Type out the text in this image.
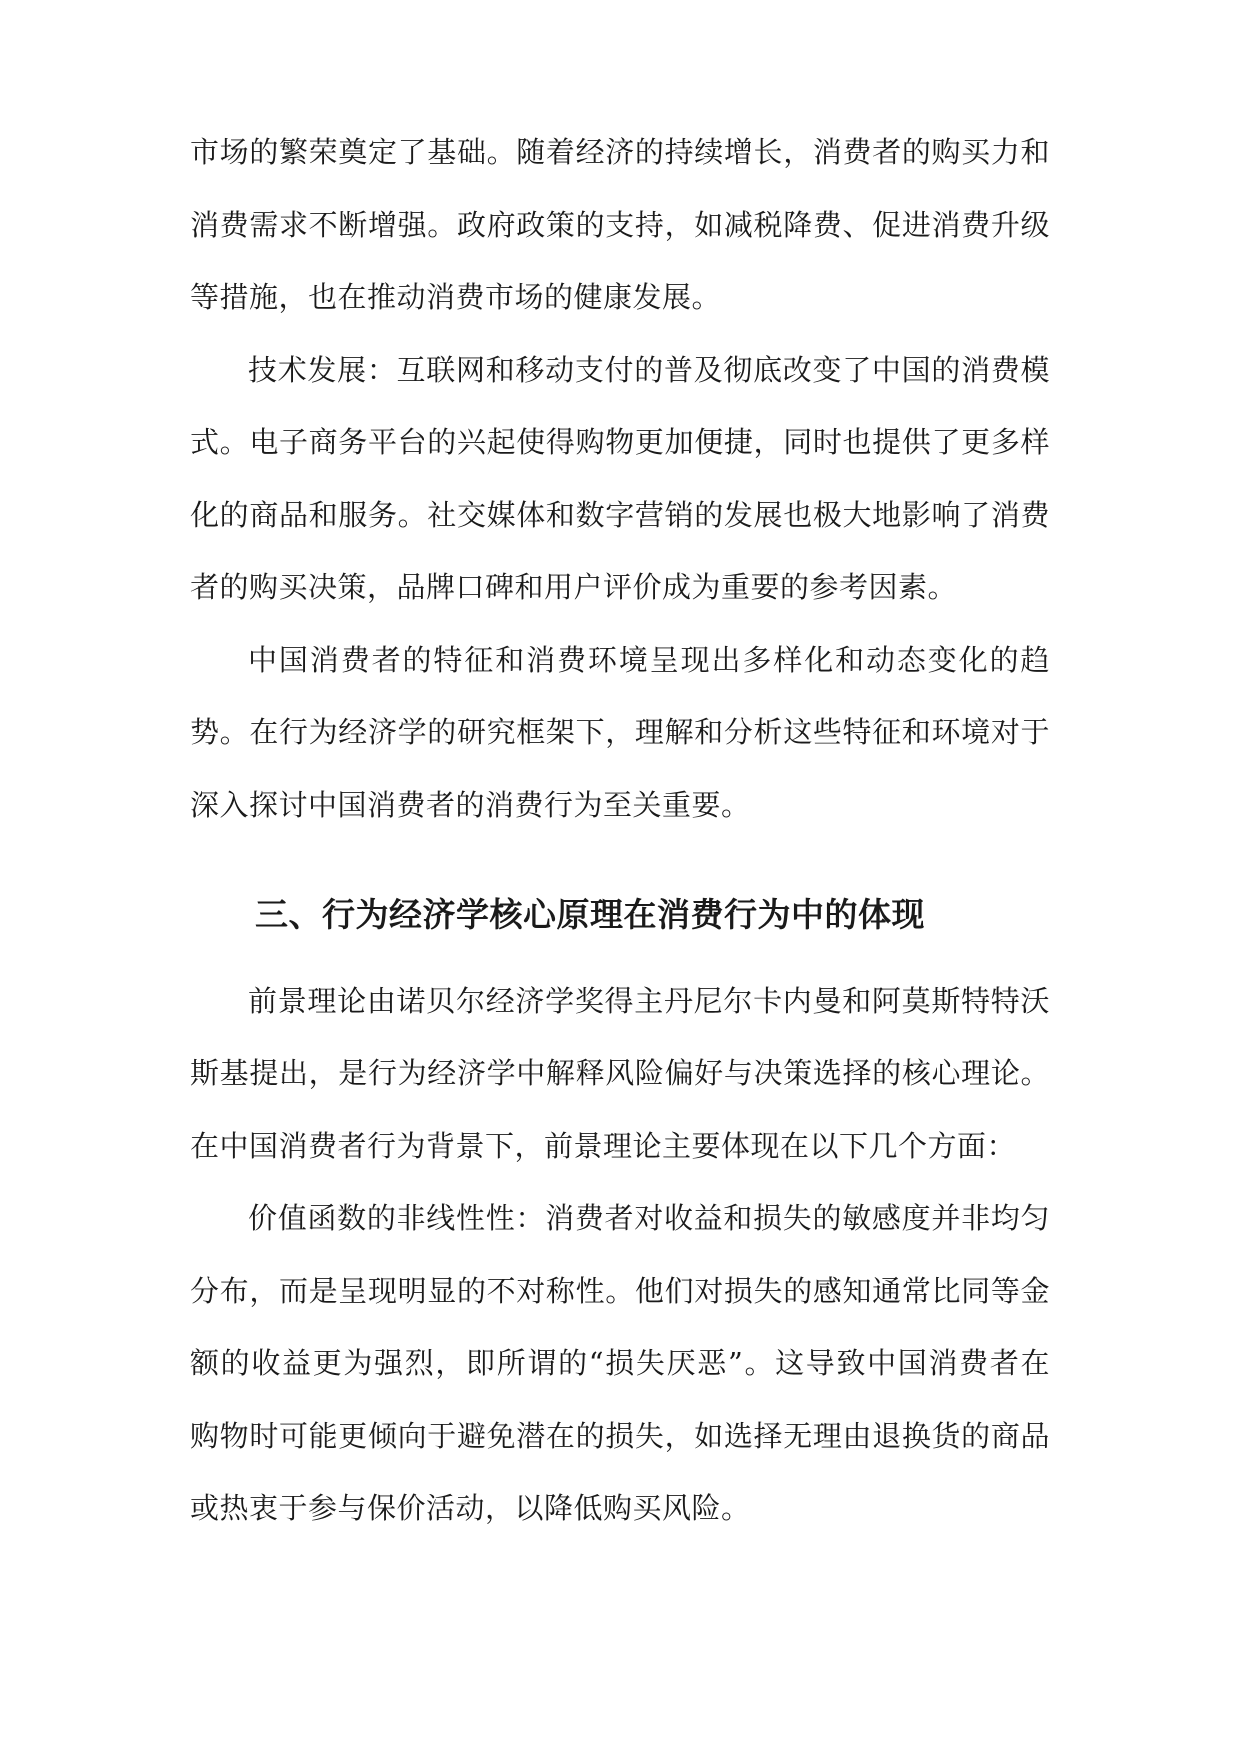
市场的繁荣奠定了基础。随着经济的持续增长，消费者的购买力和
消费需求不断增强。政府政策的支持，如减税降费、促进消费升级
等措施，也在推动消费市场的健康发展。
技术发展：互联网和移动支付的普及彻底改变了中国的消费模
式。电子商务平台的兴起使得购物更加便捷，同时也提供了更多样
化的商品和服务。社交媒体和数字营销的发展也极大地影响了消费
者的购买决策，品牌口碑和用户评价成为重要的参考因素。
中国消费者的特征和消费环境呈现出多样化和动态变化的趋
势。在行为经济学的研究框架下，理解和分析这些特征和环境对于
深入探讨中国消费者的消费行为至关重要。
三、行为经济学核心原理在消费行为中的体现
前景理论由诺贝尔经济学奖得主丹尼尔卡内曼和阿莫斯特特沃
斯基提出，是行为经济学中解释风险偏好与决策选择的核心理论。
在中国消费者行为背景下，前景理论主要体现在以下几个方面：
价值函数的非线性性：消费者对收益和损失的敏感度并非均匀
分布，而是呈现明显的不对称性。他们对损失的感知通常比同等金
额的收益更为强烈，即所谓的“损失厌恶”。这导致中国消费者在
购物时可能更倾向于避免潜在的损失，如选择无理由退换货的商品
或热衷于参与保价活动，以降低购买风险。
